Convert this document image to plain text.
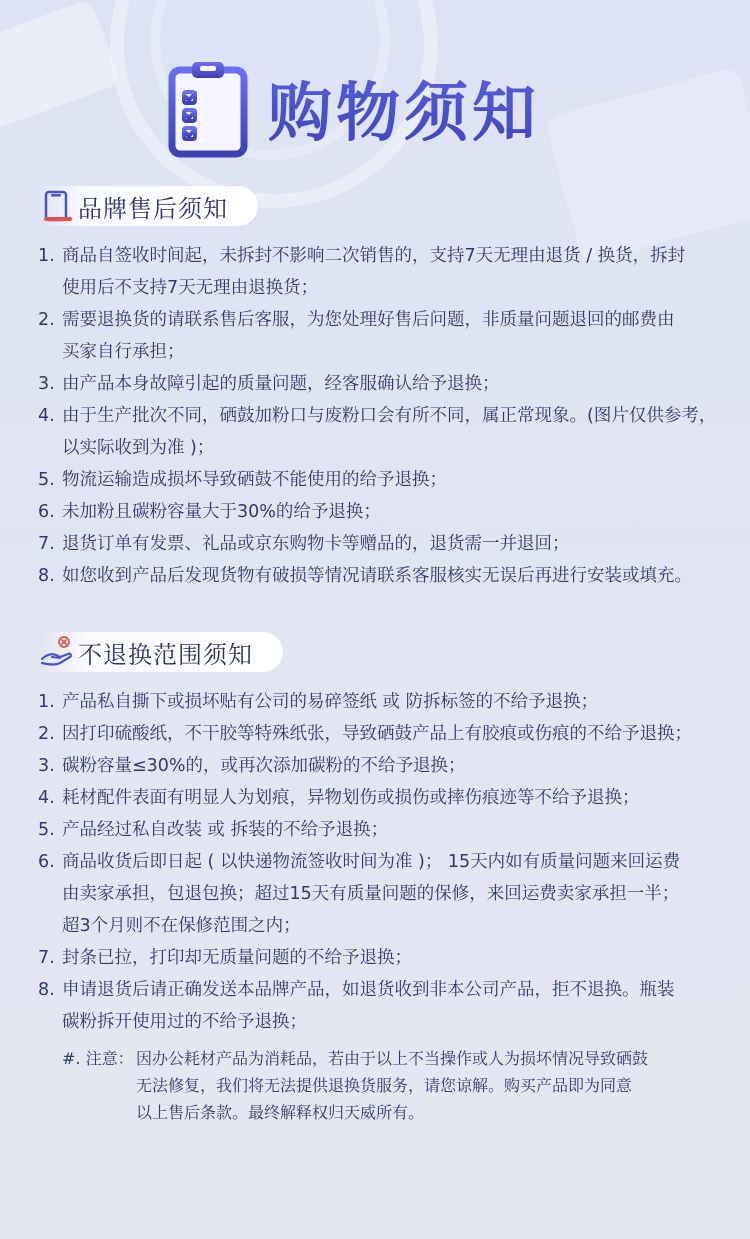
购物须知
品牌售后须知
1. 商品自签收时间起，未拆封不影响二次销售的，支持7天无理由退货 / 换货，拆封
使用后不支持7天无理由退换货；
2. 需要退换货的请联系售后客服，为您处理好售后问题，非质量问题退回的邮费由
买家自行承担；
3. 由产品本身故障引起的质量问题，经客服确认给予退换；
4. 由于生产批次不同，硒鼓加粉口与废粉口会有所不同，属正常现象。(图片仅供参考，
以实际收到为准 )；
5. 物流运输造成损坏导致硒鼓不能使用的给予退换；
6. 未加粉且碳粉容量大于30%的给予退换；
7. 退货订单有发票、礼品或京东购物卡等赠品的，退货需一并退回；
8. 如您收到产品后发现货物有破损等情况请联系客服核实无误后再进行安装或填充。
不退换范围须知
1. 产品私自撕下或损坏贴有公司的易碎签纸 或 防拆标签的不给予退换；
2. 因打印硫酸纸，不干胶等特殊纸张，导致硒鼓产品上有胶痕或伤痕的不给予退换；
3. 碳粉容量≤30%的，或再次添加碳粉的不给予退换；
4. 耗材配件表面有明显人为划痕，异物划伤或损伤或摔伤痕迹等不给予退换；
5. 产品经过私自改装 或 拆装的不给予退换；
6. 商品收货后即日起 ( 以快递物流签收时间为准 )； 15天内如有质量问题来回运费
由卖家承担，包退包换；超过15天有质量问题的保修，来回运费卖家承担一半；
超3个月则不在保修范围之内；
7. 封条已拉，打印却无质量问题的不给予退换；
8. 申请退货后请正确发送本品牌产品，如退货收到非本公司产品，拒不退换。瓶装
碳粉拆开使用过的不给予退换；
#. 注意： 因办公耗材产品为消耗品，若由于以上不当操作或人为损坏情况导致硒鼓
无法修复，我们将无法提供退换货服务，请您谅解。购买产品即为同意
以上售后条款。最终解释权归天威所有。
